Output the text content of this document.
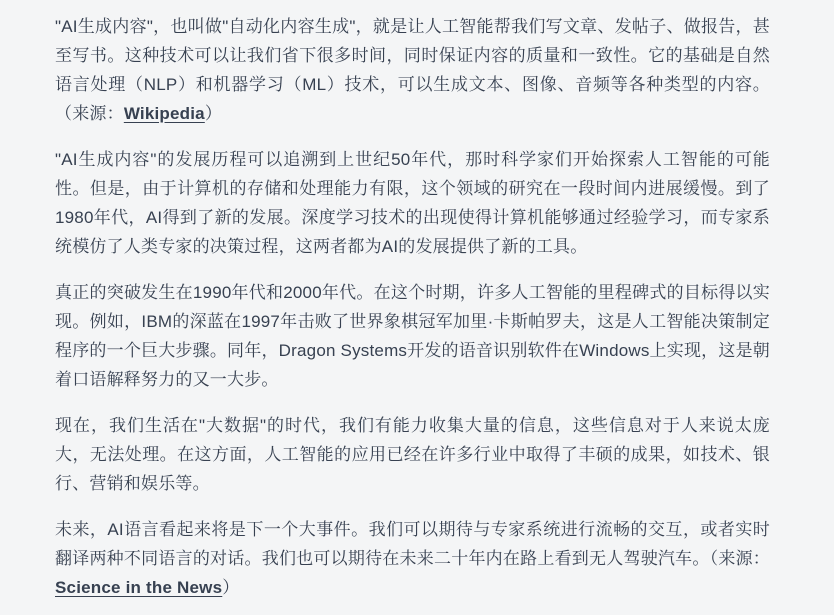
"AI生成内容"，也叫做"自动化内容生成"，就是让人工智能帮我们写文章、发帖子、做报告，甚至写书。这种技术可以让我们省下很多时间，同时保证内容的质量和一致性。它的基础是自然语言处理（NLP）和机器学习（ML）技术，可以生成文本、图像、音频等各种类型的内容。（来源：Wikipedia）

"AI生成内容"的发展历程可以追溯到上世纪50年代，那时科学家们开始探索人工智能的可能性。但是，由于计算机的存储和处理能力有限，这个领域的研究在一段时间内进展缓慢。到了1980年代，AI得到了新的发展。深度学习技术的出现使得计算机能够通过经验学习，而专家系统模仿了人类专家的决策过程，这两者都为AI的发展提供了新的工具。

真正的突破发生在1990年代和2000年代。在这个时期，许多人工智能的里程碑式的目标得以实现。例如，IBM的深蓝在1997年击败了世界象棋冠军加里·卡斯帕罗夫，这是人工智能决策制定程序的一个巨大步骤。同年，Dragon Systems开发的语音识别软件在Windows上实现，这是朝着口语解释努力的又一大步。

现在，我们生活在"大数据"的时代，我们有能力收集大量的信息，这些信息对于人来说太庞大，无法处理。在这方面，人工智能的应用已经在许多行业中取得了丰硕的成果，如技术、银行、营销和娱乐等。

未来，AI语言看起来将是下一个大事件。我们可以期待与专家系统进行流畅的交互，或者实时翻译两种不同语言的对话。我们也可以期待在未来二十年内在路上看到无人驾驶汽车。（来源：Science in the News）
